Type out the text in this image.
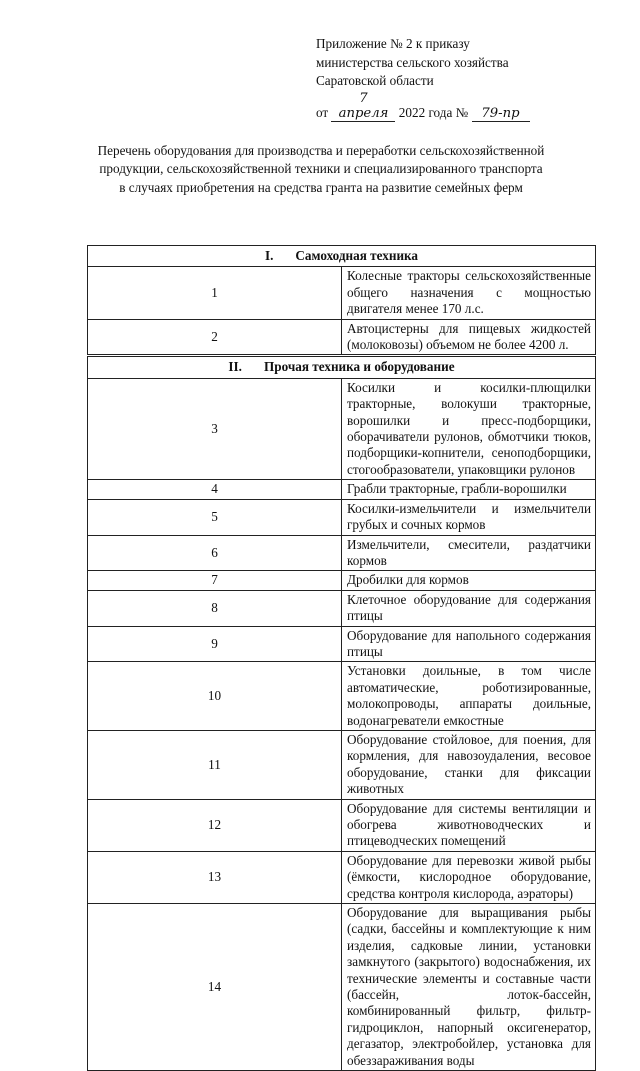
Приложение № 2 к приказу
министерства сельского хозяйства
Саратовской области
от 7 апреля 2022 года № 79-пр
Перечень оборудования для производства и переработки сельскохозяйственной продукции, сельскохозяйственной техники и специализированного транспорта в случаях приобретения на средства гранта на развитие семейных ферм
I. Самоходная техника	
1	Колесные тракторы сельскохозяйственные общего назначения с мощностью двигателя менее 170 л.с.
2	Автоцистерны для пищевых жидкостей (молоковозы) объемом не более 4200 л.
II. Прочая техника и оборудование	
3	Косилки и косилки-плющилки тракторные, волокуши тракторные, ворошилки и пресс-подборщики, оборачиватели рулонов, обмотчики тюков, подборщики-копнители, сеноподборщики, стогообразователи, упаковщики рулонов
4	Грабли тракторные, грабли-ворошилки
5	Косилки-измельчители и измельчители грубых и сочных кормов
6	Измельчители, смесители, раздатчики кормов
7	Дробилки для кормов
8	Клеточное оборудование для содержания птицы
9	Оборудование для напольного содержания птицы
10	Установки доильные, в том числе автоматические, роботизированные, молокопроводы, аппараты доильные, водонагреватели емкостные
11	Оборудование стойловое, для поения, для кормления, для навозоудаления, весовое оборудование, станки для фиксации животных
12	Оборудование для системы вентиляции и обогрева животноводческих и птицеводческих помещений
13	Оборудование для перевозки живой рыбы (ёмкости, кислородное оборудование, средства контроля кислорода, аэраторы)
14	Оборудование для выращивания рыбы (садки, бассейны и комплектующие к ним изделия, садковые линии, установки замкнутого (закрытого) водоснабжения, их технические элементы и составные части (бассейн, лоток-бассейн, комбинированный фильтр, фильтр-гидроциклон, напорный оксигенератор, дегазатор, электробойлер, установка для обеззараживания воды
